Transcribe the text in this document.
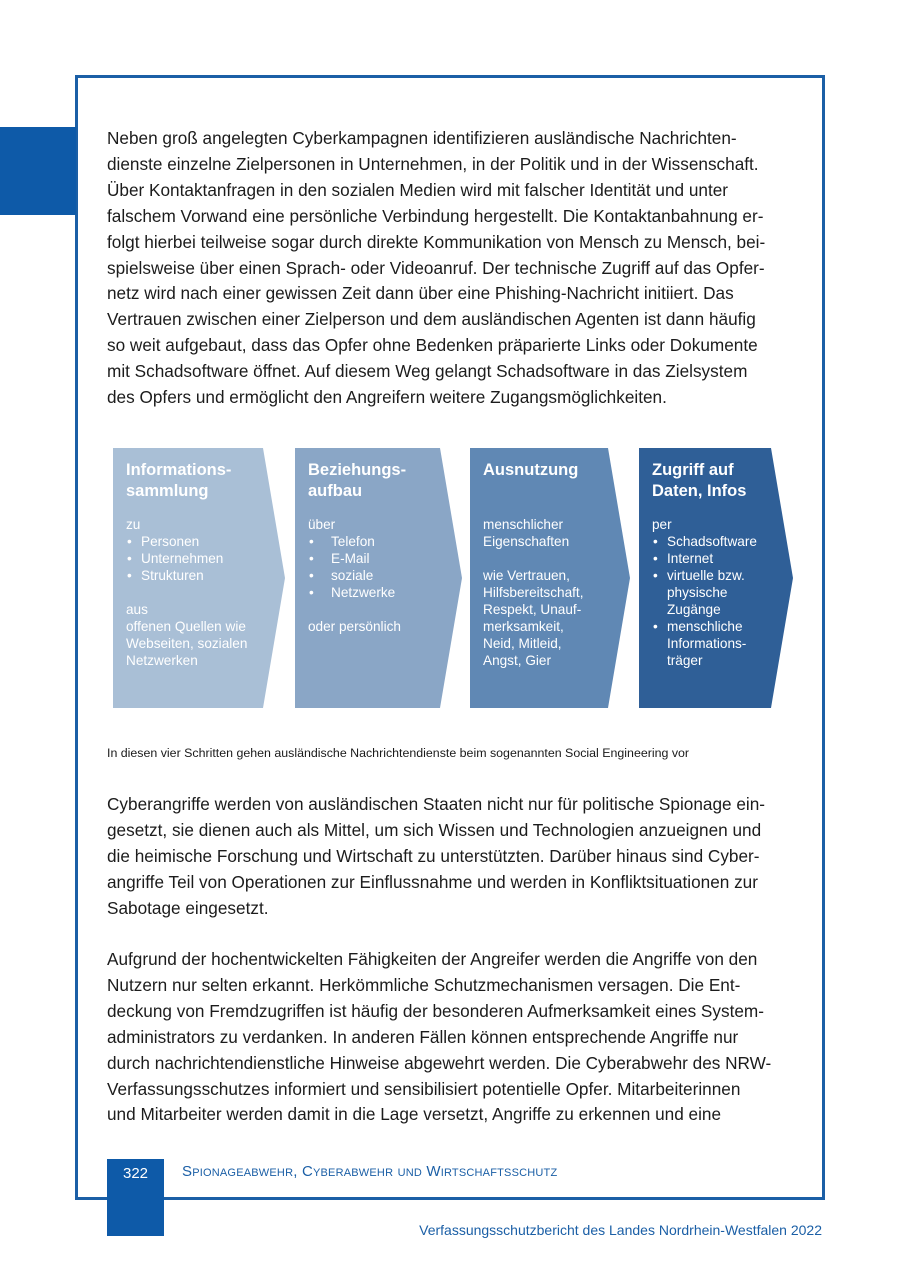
Neben groß angelegten Cyberkampagnen identifizieren ausländische Nachrichten-
dienste einzelne Zielpersonen in Unternehmen, in der Politik und in der Wissenschaft.
Über Kontaktanfragen in den sozialen Medien wird mit falscher Identität und unter
falschem Vorwand eine persönliche Verbindung hergestellt. Die Kontaktanbahnung er-
folgt hierbei teilweise sogar durch direkte Kommunikation von Mensch zu Mensch, bei-
spielsweise über einen Sprach- oder Videoanruf. Der technische Zugriff auf das Opfer-
netz wird nach einer gewissen Zeit dann über eine Phishing-Nachricht initiiert. Das
Vertrauen zwischen einer Zielperson und dem ausländischen Agenten ist dann häufig
so weit aufgebaut, dass das Opfer ohne Bedenken präparierte Links oder Dokumente
mit Schadsoftware öffnet. Auf diesem Weg gelangt Schadsoftware in das Zielsystem
des Opfers und ermöglicht den Angreifern weitere Zugangsmöglichkeiten.

Informations-
sammlung
zu
• Personen
• Unternehmen
• Strukturen
aus
offenen Quellen wie
Webseiten, sozialen
Netzwerken
Beziehungs-
aufbau
über
• Telefon
• E-Mail
• soziale
• Netzwerke
oder persönlich
Ausnutzung
menschlicher
Eigenschaften
wie Vertrauen,
Hilfsbereitschaft,
Respekt, Unauf-
merksamkeit,
Neid, Mitleid,
Angst, Gier
Zugriff auf
Daten, Infos
per
• Schadsoftware
• Internet
• virtuelle bzw.
physische
Zugänge
• menschliche
Informations-
träger
In diesen vier Schritten gehen ausländische Nachrichtendienste beim sogenannten Social Engineering vor

Cyberangriffe werden von ausländischen Staaten nicht nur für politische Spionage ein-
gesetzt, sie dienen auch als Mittel, um sich Wissen und Technologien anzueignen und
die heimische Forschung und Wirtschaft zu unterstützten. Darüber hinaus sind Cyber-
angriffe Teil von Operationen zur Einflussnahme und werden in Konfliktsituationen zur
Sabotage eingesetzt.

Aufgrund der hochentwickelten Fähigkeiten der Angreifer werden die Angriffe von den
Nutzern nur selten erkannt. Herkömmliche Schutzmechanismen versagen. Die Ent-
deckung von Fremdzugriffen ist häufig der besonderen Aufmerksamkeit eines System-
administrators zu verdanken. In anderen Fällen können entsprechende Angriffe nur
durch nachrichtendienstliche Hinweise abgewehrt werden. Die Cyberabwehr des NRW-
Verfassungsschutzes informiert und sensibilisiert potentielle Opfer. Mitarbeiterinnen
und Mitarbeiter werden damit in die Lage versetzt, Angriffe zu erkennen und eine

322	Spionageabwehr, Cyberabwehr und Wirtschaftsschutz
Verfassungsschutzbericht des Landes Nordrhein-Westfalen 2022
